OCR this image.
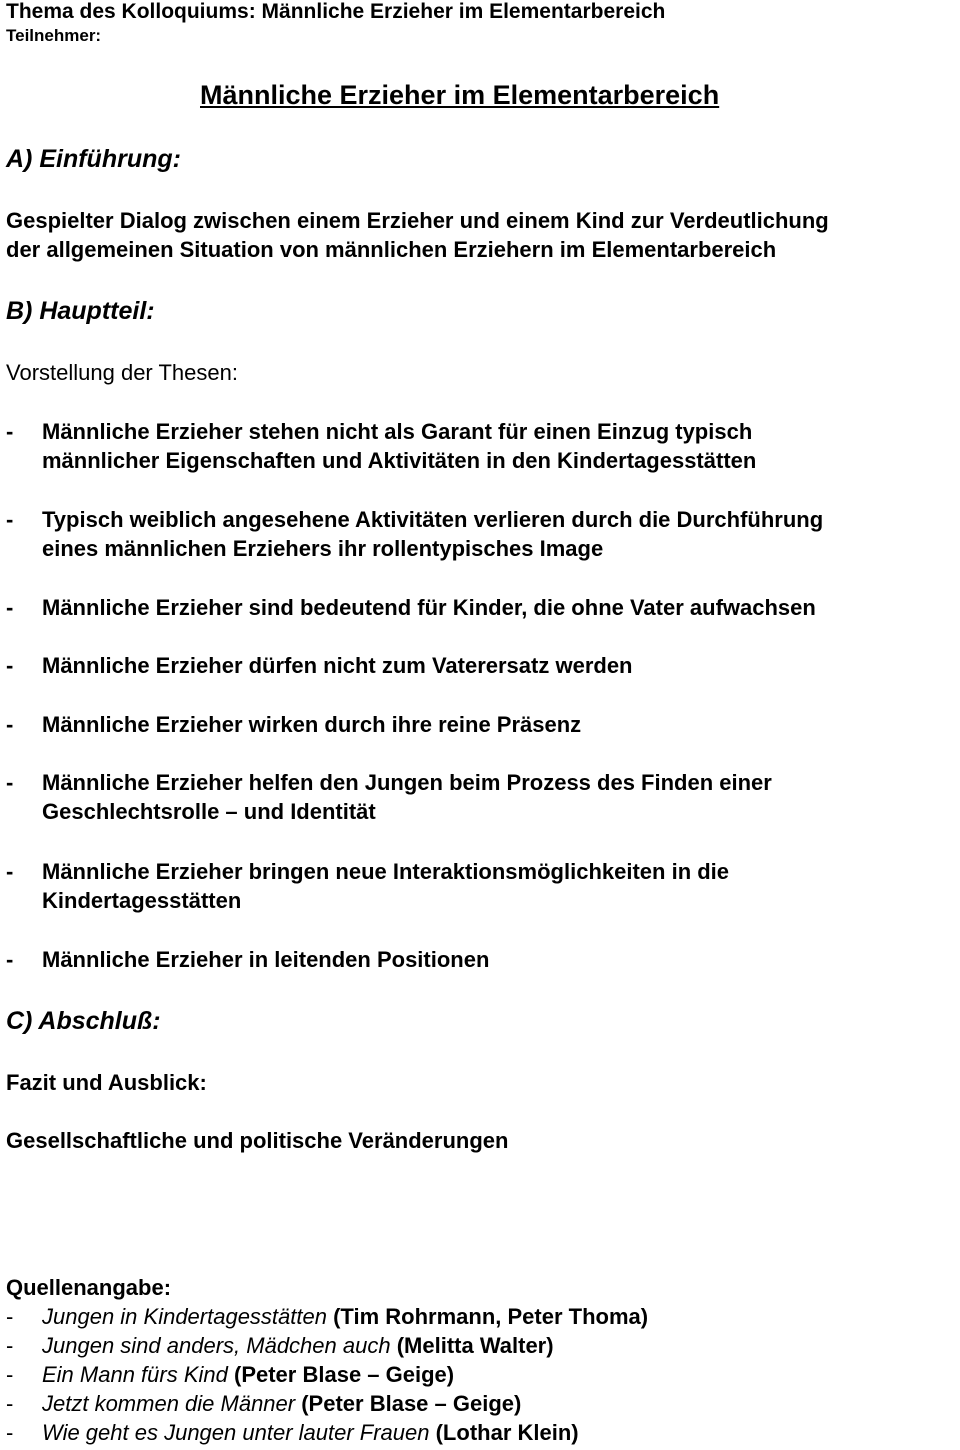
Thema des Kolloquiums: Männliche Erzieher im Elementarbereich
Teilnehmer:
Männliche Erzieher im Elementarbereich
A) Einführung:
Gespielter Dialog zwischen einem Erzieher und einem Kind zur Verdeutlichung
der allgemeinen Situation von männlichen Erziehern im Elementarbereich
B) Hauptteil:
Vorstellung der Thesen:
- Männliche Erzieher stehen nicht als Garant für einen Einzug typisch
männlicher Eigenschaften und Aktivitäten in den Kindertagesstätten
- Typisch weiblich angesehene Aktivitäten verlieren durch die Durchführung
eines männlichen Erziehers ihr rollentypisches Image
- Männliche Erzieher sind bedeutend für Kinder, die ohne Vater aufwachsen
- Männliche Erzieher dürfen nicht zum Vaterersatz werden
- Männliche Erzieher wirken durch ihre reine Präsenz
- Männliche Erzieher helfen den Jungen beim Prozess des Finden einer
Geschlechtsrolle – und Identität
- Männliche Erzieher bringen neue Interaktionsmöglichkeiten in die
Kindertagesstätten
- Männliche Erzieher in leitenden Positionen
C) Abschluß:
Fazit und Ausblick:
Gesellschaftliche und politische Veränderungen
Quellenangabe:
- Jungen in Kindertagesstätten (Tim Rohrmann, Peter Thoma)
- Jungen sind anders, Mädchen auch (Melitta Walter)
- Ein Mann fürs Kind (Peter Blase – Geige)
- Jetzt kommen die Männer (Peter Blase – Geige)
- Wie geht es Jungen unter lauter Frauen (Lothar Klein)
